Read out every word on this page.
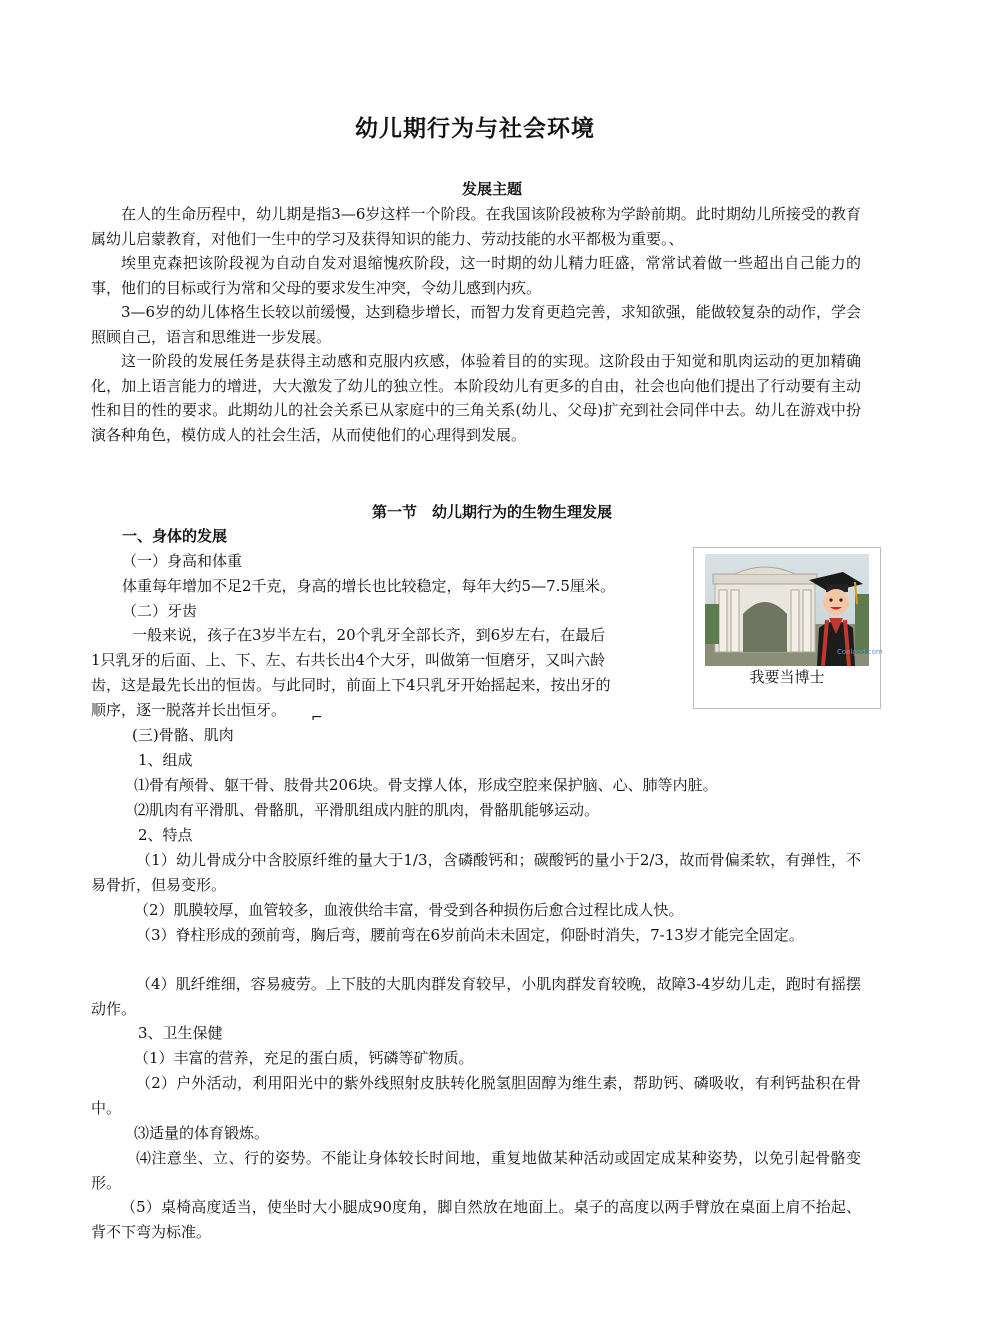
幼儿期行为与社会环境
发展主题
在人的生命历程中，幼儿期是指3—6岁这样一个阶段。在我国该阶段被称为学龄前期。此时期幼儿所接受的教育属幼儿启蒙教育，对他们一生中的学习及获得知识的能力、劳动技能的水平都极为重要。、
埃里克森把该阶段视为自动自发对退缩愧疚阶段，这一时期的幼儿精力旺盛，常常试着做一些超出自己能力的事，他们的目标或行为常和父母的要求发生冲突，令幼儿感到内疚。
3—6岁的幼儿体格生长较以前缓慢，达到稳步增长，而智力发育更趋完善，求知欲强，能做较复杂的动作，学会照顾自己，语言和思维进一步发展。
这一阶段的发展任务是获得主动感和克服内疚感，体验着目的的实现。这阶段由于知觉和肌肉运动的更加精确化，加上语言能力的增进，大大激发了幼儿的独立性。本阶段幼儿有更多的自由，社会也向他们提出了行动要有主动性和目的性的要求。此期幼儿的社会关系已从家庭中的三角关系(幼儿、父母)扩充到社会同伴中去。幼儿在游戏中扮演各种角色，模仿成人的社会生活，从而使他们的心理得到发展。
第一节　幼儿期行为的生物生理发展
一、身体的发展
（一）身高和体重
体重每年增加不足2千克，身高的增长也比较稳定，每年大约5—7.5厘米。
（二）牙齿
一般来说，孩子在3岁半左右，20个乳牙全部长齐，到6岁左右，在最后
1只乳牙的后面、上、下、左、右共长出4个大牙，叫做第一恒磨牙，又叫六龄
齿，这是最先长出的恒齿。与此同时，前面上下4只乳牙开始摇起来，按出牙的
顺序，逐一脱落并长出恒牙。 ⌐
Coolgod.com
我要当博士
(三)骨骼、肌肉
1、组成
⑴骨有颅骨、躯干骨、肢骨共206块。骨支撑人体，形成空腔来保护脑、心、肺等内脏。
⑵肌肉有平滑肌、骨骼肌，平滑肌组成内脏的肌肉，骨骼肌能够运动。
2、特点
（1）幼儿骨成分中含胶原纤维的量大于1/3，含磷酸钙和；碳酸钙的量小于2/3，故而骨偏柔软，有弹性，不易骨折，但易变形。
（2）肌膜较厚，血管较多，血液供给丰富，骨受到各种损伤后愈合过程比成人快。
（3）脊柱形成的颈前弯，胸后弯，腰前弯在6岁前尚未未固定，仰卧时消失，7-13岁才能完全固定。
（4）肌纤维细，容易疲劳。上下肢的大肌肉群发育较早，小肌肉群发育较晚，故障3-4岁幼儿走，跑时有摇摆动作。
3、卫生保健
（1）丰富的营养，充足的蛋白质，钙磷等矿物质。
（2）户外活动，利用阳光中的紫外线照射皮肤转化脱氢胆固醇为维生素，帮助钙、磷吸收，有利钙盐积在骨中。
⑶适量的体育锻炼。
⑷注意坐、立、行的姿势。不能让身体较长时间地，重复地做某种活动或固定成某种姿势，以免引起骨骼变形。
（5）桌椅高度适当，使坐时大小腿成90度角，脚自然放在地面上。桌子的高度以两手臂放在桌面上肩不抬起、背不下弯为标准。
